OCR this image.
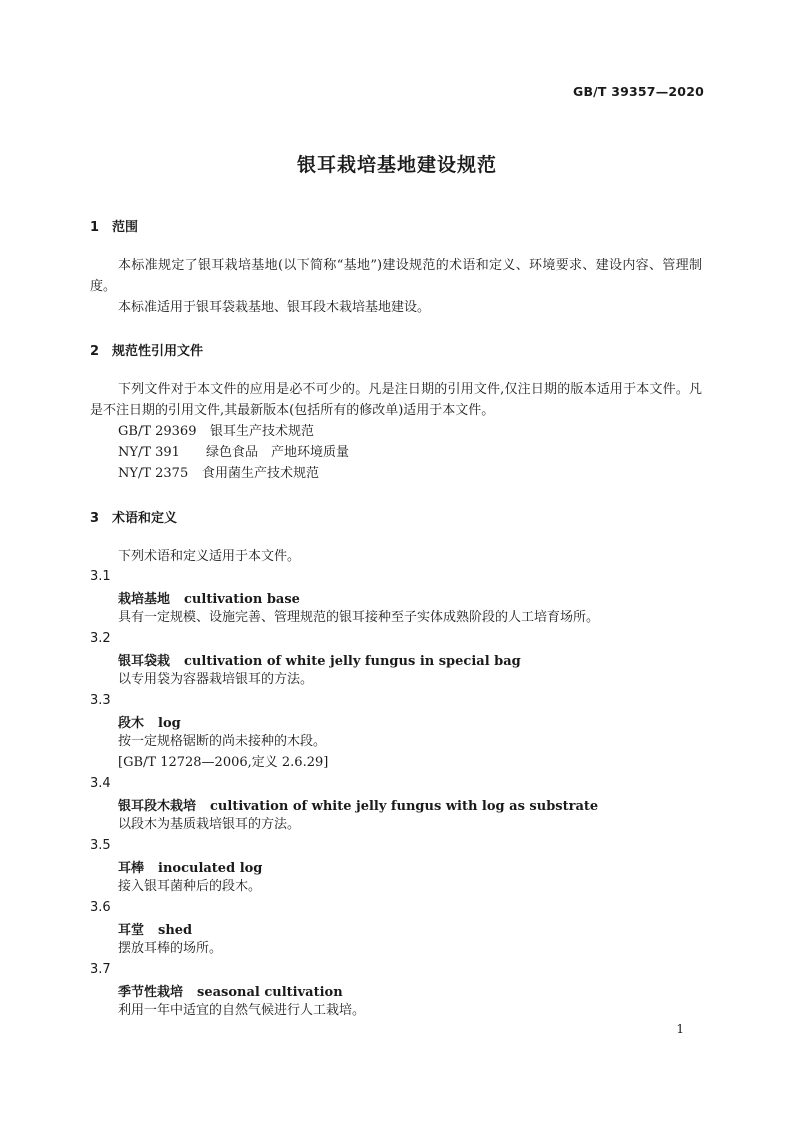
GB/T 39357—2020
银耳栽培基地建设规范
1 范围
本标准规定了银耳栽培基地(以下简称“基地”)建设规范的术语和定义、环境要求、建设内容、管理制度。
本标准适用于银耳袋栽基地、银耳段木栽培基地建设。
2 规范性引用文件
下列文件对于本文件的应用是必不可少的。凡是注日期的引用文件,仅注日期的版本适用于本文件。凡是不注日期的引用文件,其最新版本(包括所有的修改单)适用于本文件。
GB/T 29369 银耳生产技术规范
NY/T 391 绿色食品　产地环境质量
NY/T 2375 食用菌生产技术规范
3 术语和定义
下列术语和定义适用于本文件。
3.1
栽培基地 cultivation base
具有一定规模、设施完善、管理规范的银耳接种至子实体成熟阶段的人工培育场所。
3.2
银耳袋栽 cultivation of white jelly fungus in special bag
以专用袋为容器栽培银耳的方法。
3.3
段木 log
按一定规格锯断的尚未接种的木段。
[GB/T 12728—2006,定义 2.6.29]
3.4
银耳段木栽培 cultivation of white jelly fungus with log as substrate
以段木为基质栽培银耳的方法。
3.5
耳棒 inoculated log
接入银耳菌种后的段木。
3.6
耳堂 shed
摆放耳棒的场所。
3.7
季节性栽培 seasonal cultivation
利用一年中适宜的自然气候进行人工栽培。
1
